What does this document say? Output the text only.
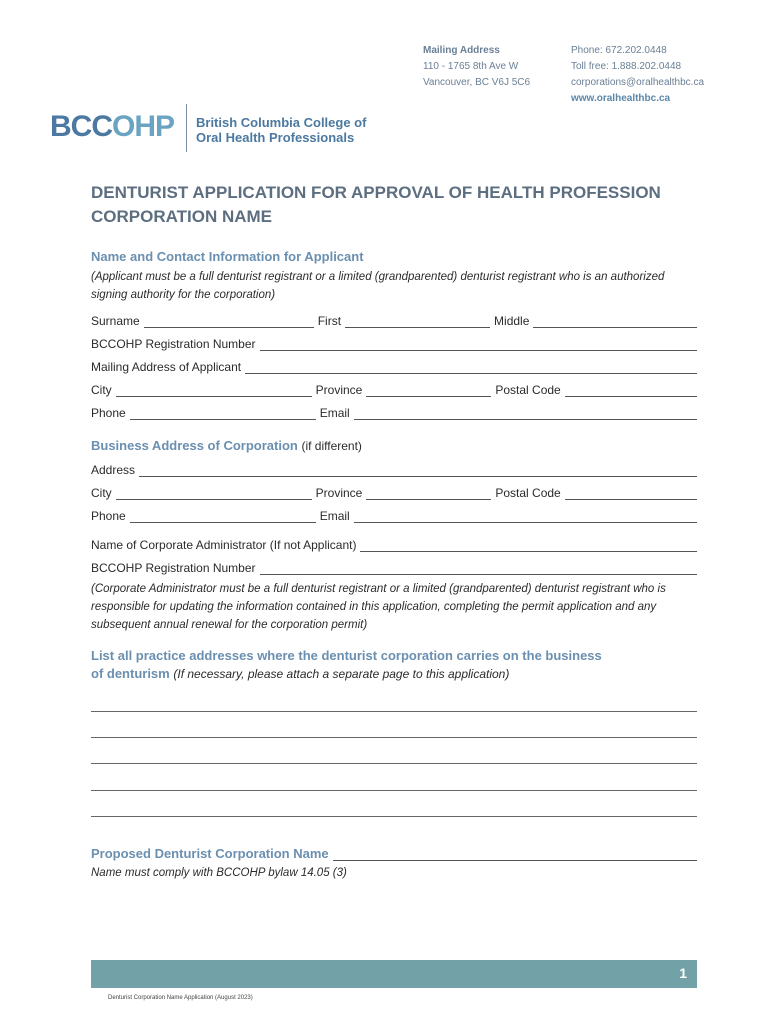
Mailing Address
110 - 1765 8th Ave W
Vancouver, BC V6J 5C6
Phone: 672.202.0448
Toll free: 1.888.202.0448
corporations@oralhealthbc.ca
www.oralhealthbc.ca
BCCOHP British Columbia College of
Oral Health Professionals
DENTURIST APPLICATION FOR APPROVAL OF HEALTH PROFESSION
CORPORATION NAME
Name and Contact Information for Applicant
(Applicant must be a full denturist registrant or a limited (grandparented) denturist registrant who is an authorized signing authority for the corporation)
Surname	First	Middle
BCCOHP Registration Number
Mailing Address of Applicant
City	Province	Postal Code
Phone	Email
Business Address of Corporation (if different)
Address
City	Province	Postal Code
Phone	Email
Name of Corporate Administrator (If not Applicant)
BCCOHP Registration Number
(Corporate Administrator must be a full denturist registrant or a limited (grandparented) denturist registrant who is responsible for updating the information contained in this application, completing the permit application and any subsequent annual renewal for the corporation permit)
List all practice addresses where the denturist corporation carries on the business
of denturism (If necessary, please attach a separate page to this application)
Proposed Denturist Corporation Name
Name must comply with BCCOHP bylaw 14.05 (3)
1
Denturist Corporation Name Application (August 2023)
